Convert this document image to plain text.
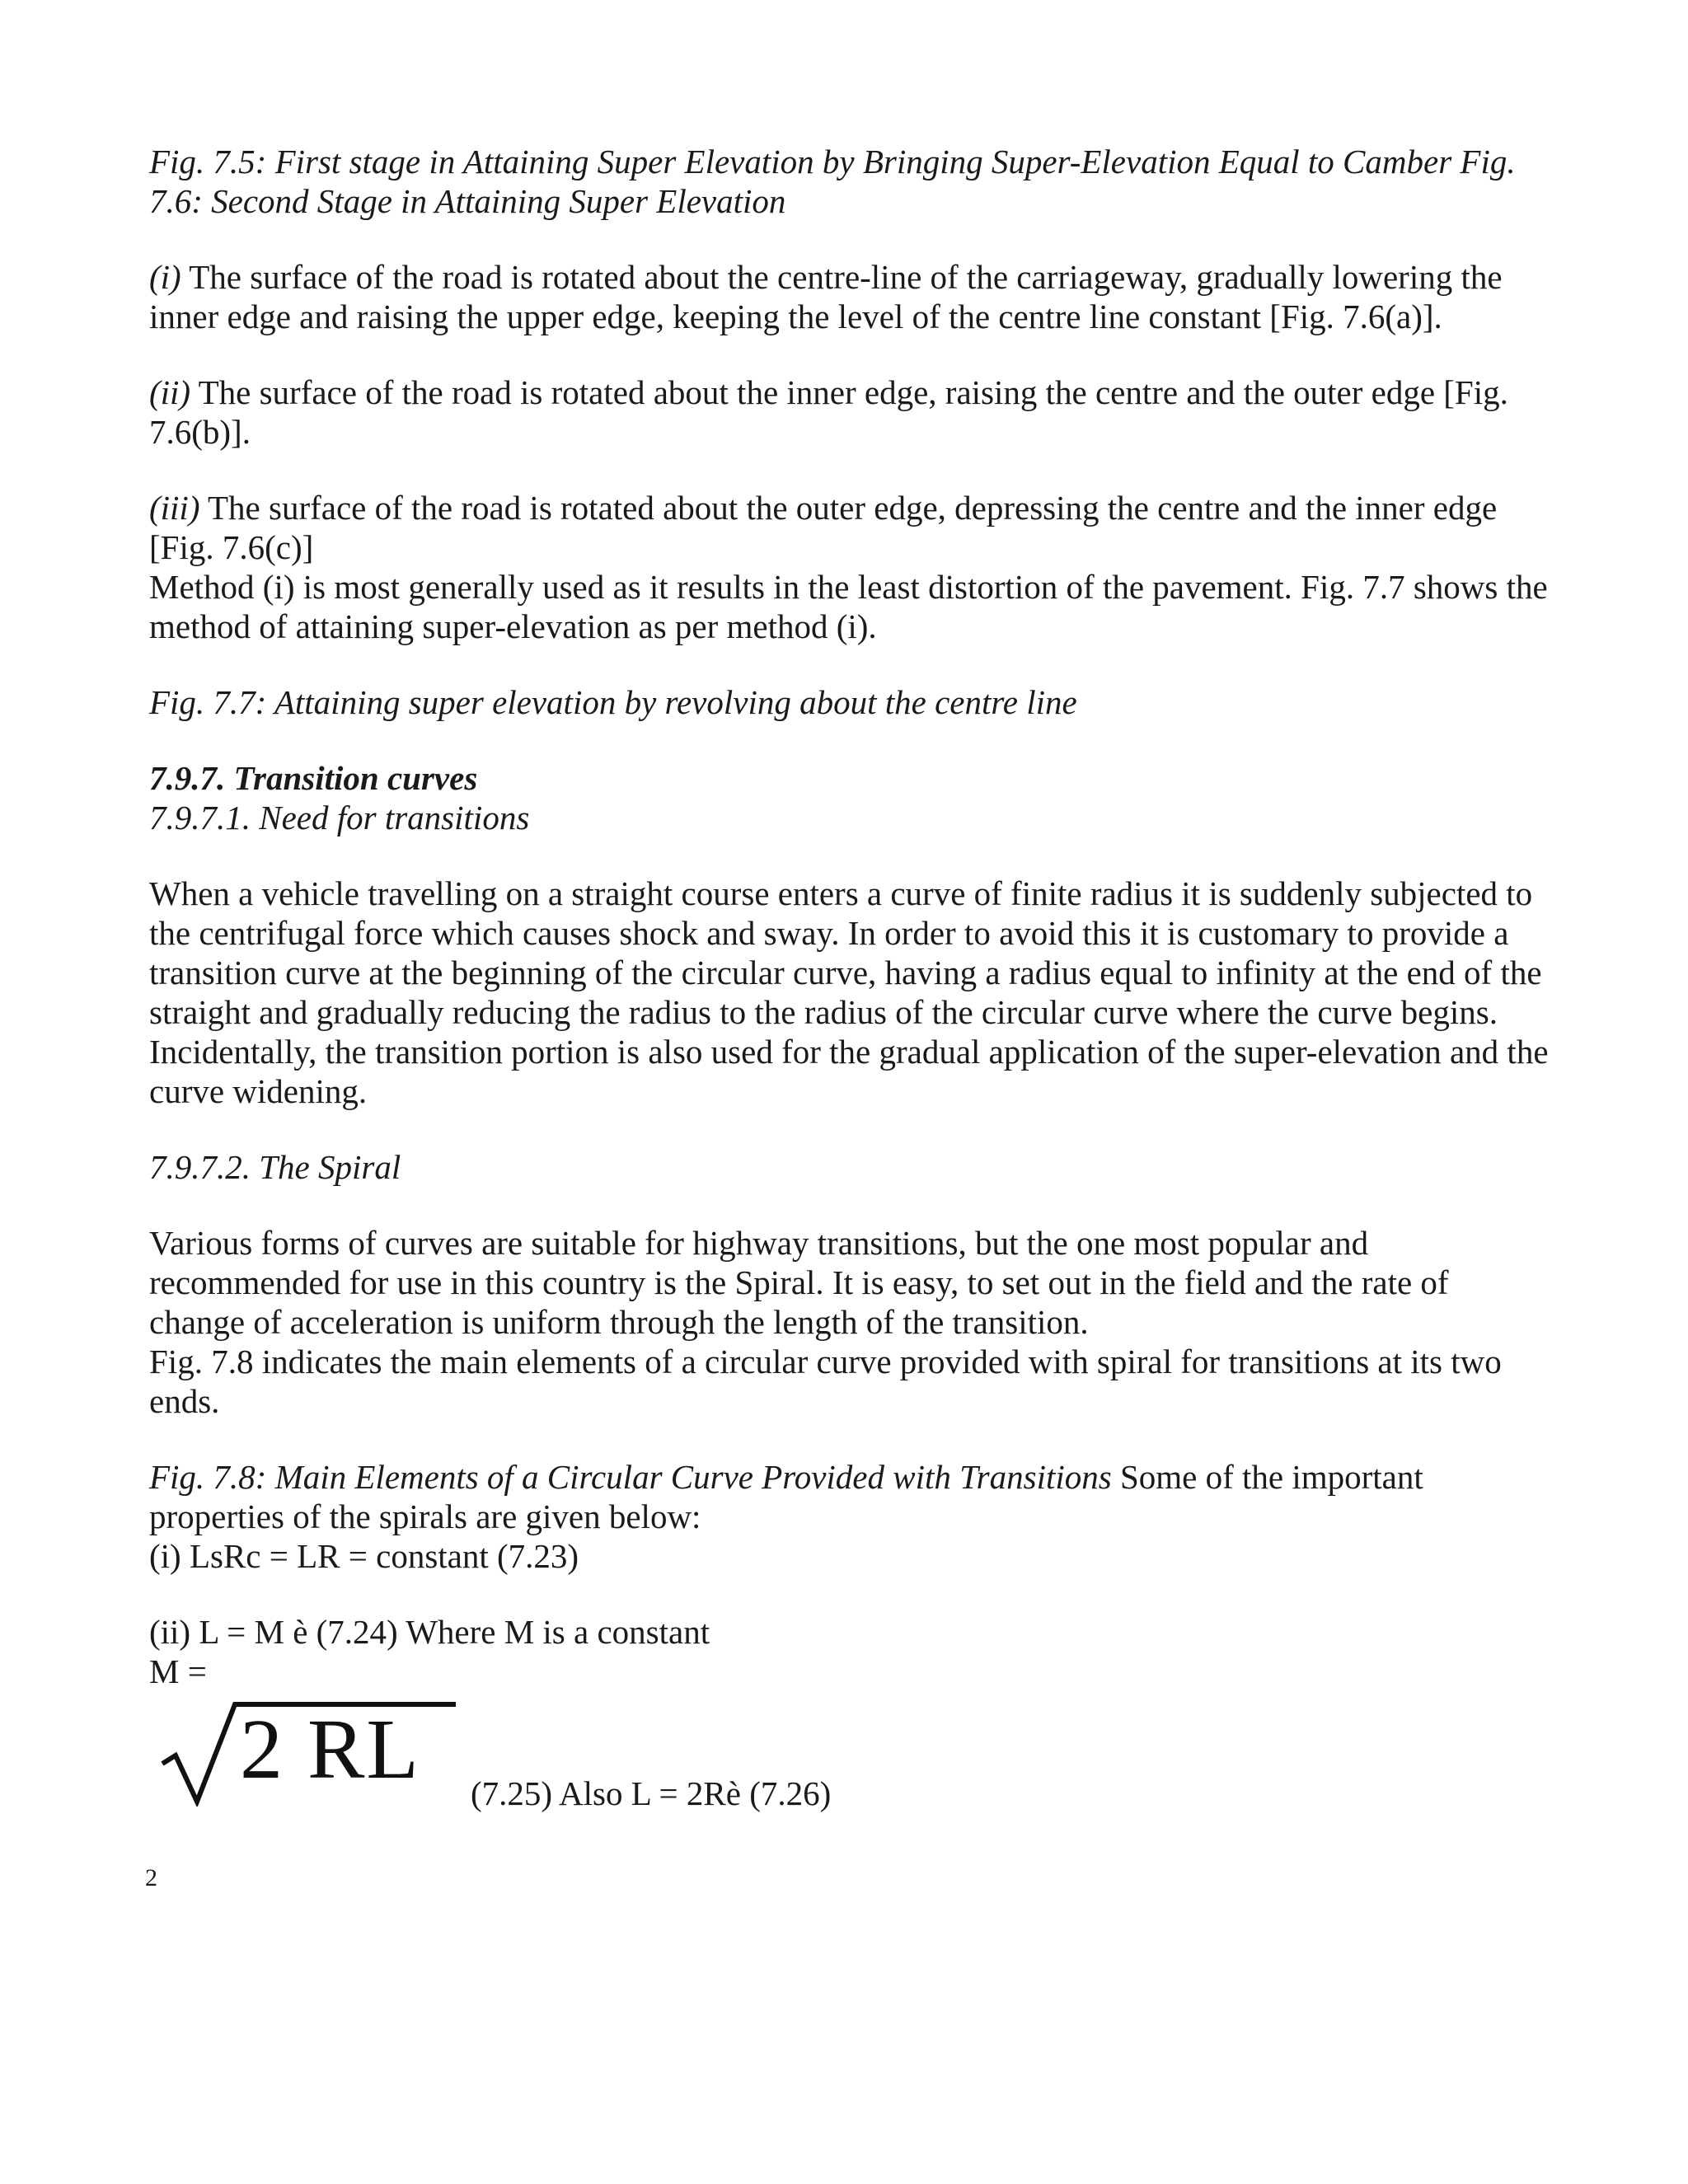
Fig. 7.5: First stage in Attaining Super Elevation by Bringing Super-Elevation Equal to Camber Fig. 7.6: Second Stage in Attaining Super Elevation

(i) The surface of the road is rotated about the centre-line of the carriageway, gradually lowering the inner edge and raising the upper edge, keeping the level of the centre line constant [Fig. 7.6(a)].

(ii) The surface of the road is rotated about the inner edge, raising the centre and the outer edge [Fig. 7.6(b)].

(iii) The surface of the road is rotated about the outer edge, depressing the centre and the inner edge [Fig. 7.6(c)]

Method (i) is most generally used as it results in the least distortion of the pavement. Fig. 7.7 shows the method of attaining super-elevation as per method (i).

Fig. 7.7: Attaining super elevation by revolving about the centre line

7.9.7. Transition curves

7.9.7.1. Need for transitions

When a vehicle travelling on a straight course enters a curve of finite radius it is suddenly subjected to the centrifugal force which causes shock and sway. In order to avoid this it is customary to provide a transition curve at the beginning of the circular curve, having a radius equal to infinity at the end of the straight and gradually reducing the radius to the radius of the circular curve where the curve begins. Incidentally, the transition portion is also used for the gradual application of the super-elevation and the curve widening.

7.9.7.2. The Spiral

Various forms of curves are suitable for highway transitions, but the one most popular and recommended for use in this country is the Spiral. It is easy, to set out in the field and the rate of change of acceleration is uniform through the length of the transition.

Fig. 7.8 indicates the main elements of a circular curve provided with spiral for transitions at its two ends.

Fig. 7.8: Main Elements of a Circular Curve Provided with Transitions Some of the important properties of the spirals are given below:

(i) LsRc = LR = constant (7.23)

(ii) L = M è (7.24) Where M is a constant

M =

2 RL (7.25) Also L = 2Rè (7.26)
2
